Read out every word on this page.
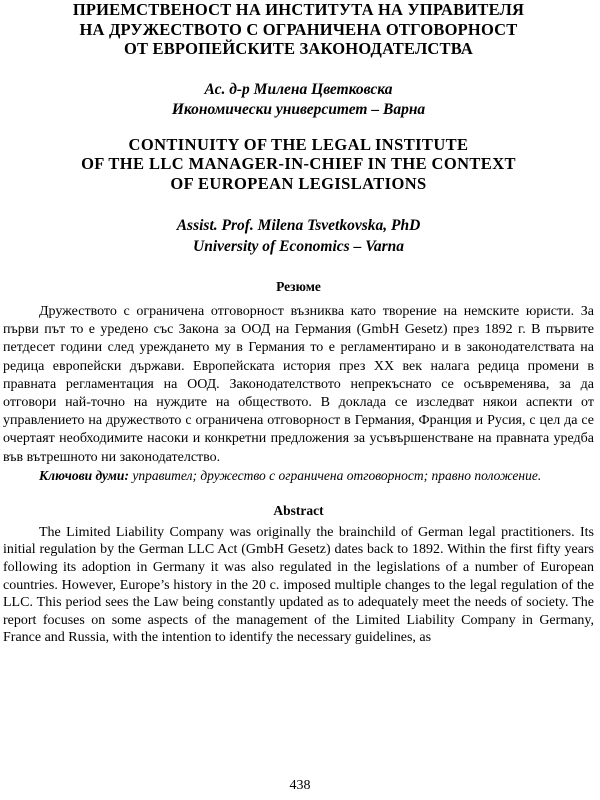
ПРИЕМСТВЕНОСТ НА ИНСТИТУТА НА УПРАВИТЕЛЯ
НА ДРУЖЕСТВОТО С ОГРАНИЧЕНА ОТГОВОРНОСТ
ОТ ЕВРОПЕЙСКИТЕ ЗАКОНОДАТЕЛСТВА
Ас. д-р Милена Цветковска
Икономически университет – Варна
CONTINUITY OF THE LEGAL INSTITUTE
OF THE LLC MANAGER-IN-CHIEF IN THE CONTEXT
OF EUROPEAN LEGISLATIONS
Assist. Prof. Milena Tsvetkovska, PhD
University of Economics – Varna
Резюме

Дружеството с ограничена отговорност възниква като творение на немските юристи. За първи път то е уредено със Закона за ООД на Германия (GmbH Gesetz) през 1892 г. В първите петдесет години след уреждането му в Германия то е регламентирано и в законодателствата на редица европейски държави. Европейската история през XX век налага редица промени в правната регламентация на ООД. Законодателството непрекъснато се осъвременява, за да отговори най-точно на нуждите на обществото. В доклада се изследват някои аспекти от управлението на дружеството с ограничена отговорност в Германия, Франция и Русия, с цел да се очертаят необходимите насоки и конкретни предложения за усъвършенстване на правната уредба във вътрешното ни законодателство.

Ключови думи: управител; дружество с ограничена отговорност; правно положение.

Abstract

The Limited Liability Company was originally the brainchild of German legal practitioners. Its initial regulation by the German LLC Act (GmbH Gesetz) dates back to 1892. Within the first fifty years following its adoption in Germany it was also regulated in the legislations of a number of European countries. However, Europe’s history in the 20 c. imposed multiple changes to the legal regulation of the LLC. This period sees the Law being constantly updated as to adequately meet the needs of society. The report focuses on some aspects of the management of the Limited Liability Company in Germany, France and Russia, with the intention to identify the necessary guidelines, as

438
